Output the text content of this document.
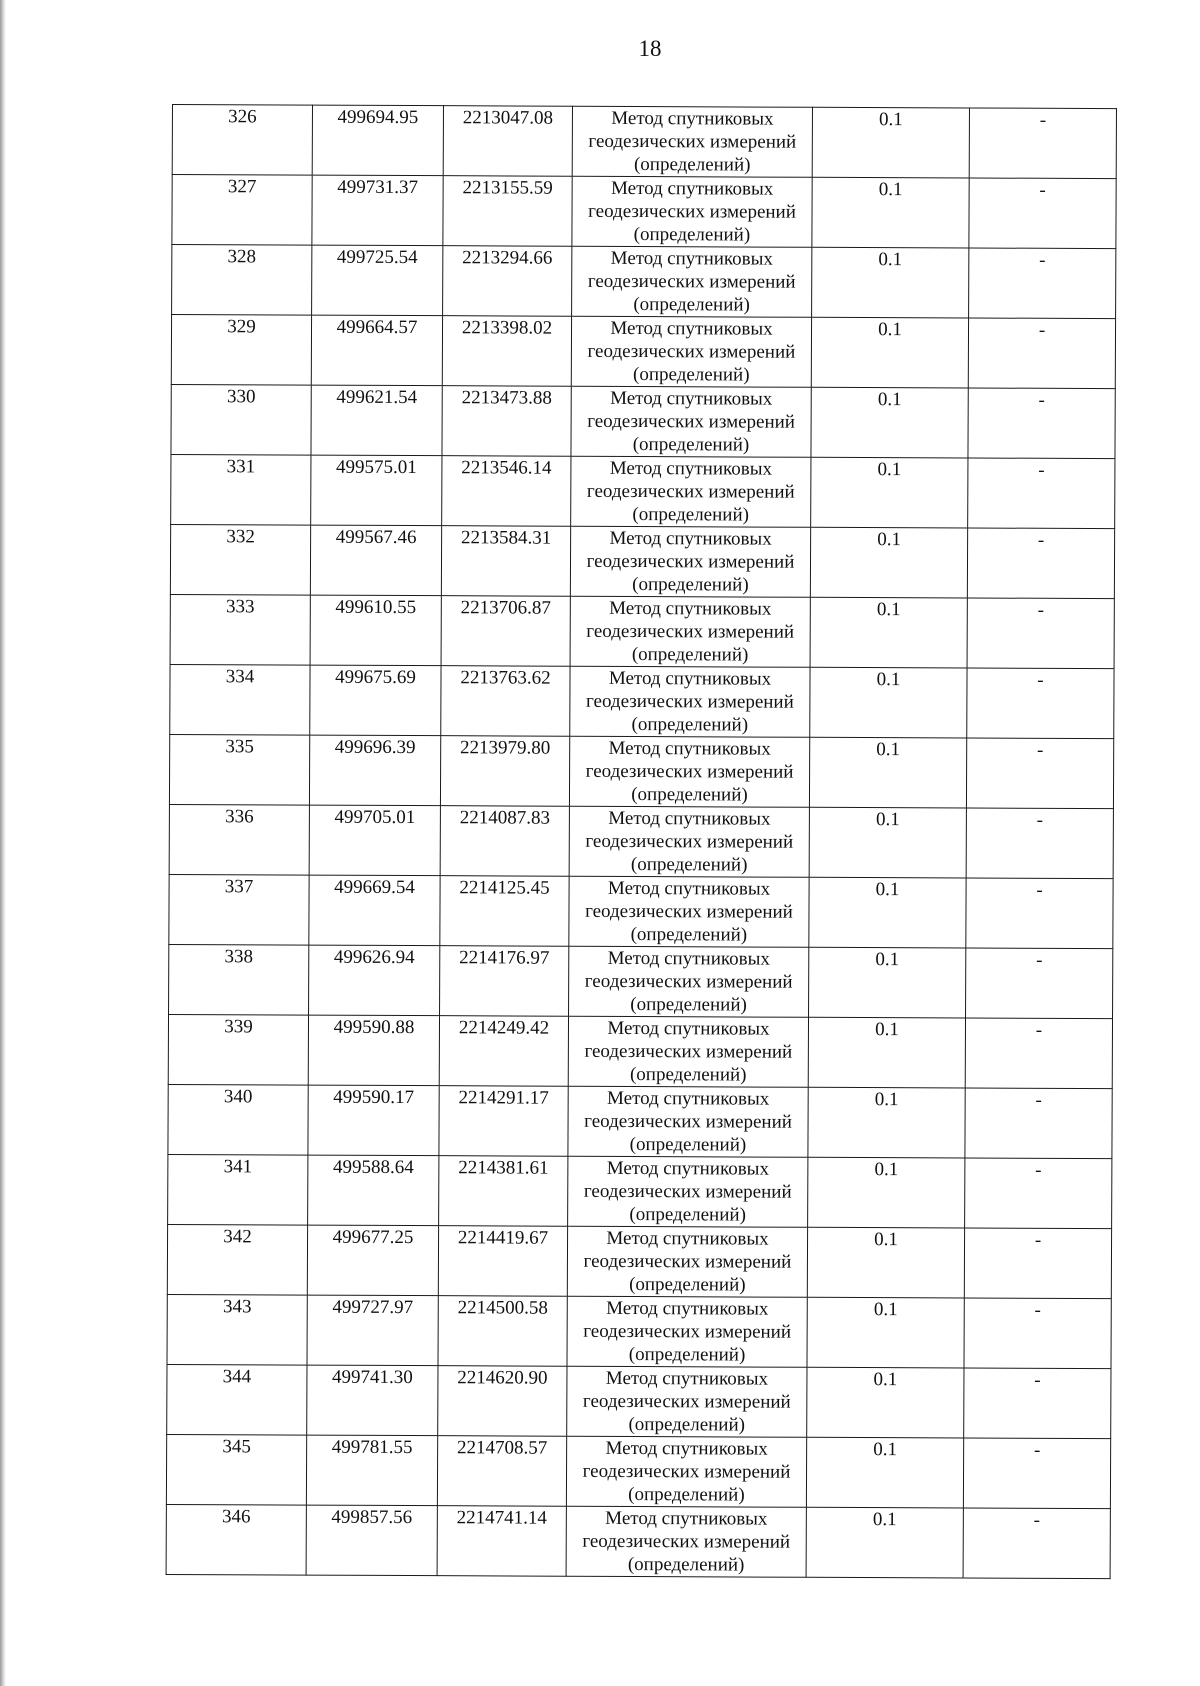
18
326	499694.95	2213047.08	Метод спутниковых
геодезических измерений
(определений)	0.1	-
327	499731.37	2213155.59	Метод спутниковых
геодезических измерений
(определений)	0.1	-
328	499725.54	2213294.66	Метод спутниковых
геодезических измерений
(определений)	0.1	-
329	499664.57	2213398.02	Метод спутниковых
геодезических измерений
(определений)	0.1	-
330	499621.54	2213473.88	Метод спутниковых
геодезических измерений
(определений)	0.1	-
331	499575.01	2213546.14	Метод спутниковых
геодезических измерений
(определений)	0.1	-
332	499567.46	2213584.31	Метод спутниковых
геодезических измерений
(определений)	0.1	-
333	499610.55	2213706.87	Метод спутниковых
геодезических измерений
(определений)	0.1	-
334	499675.69	2213763.62	Метод спутниковых
геодезических измерений
(определений)	0.1	-
335	499696.39	2213979.80	Метод спутниковых
геодезических измерений
(определений)	0.1	-
336	499705.01	2214087.83	Метод спутниковых
геодезических измерений
(определений)	0.1	-
337	499669.54	2214125.45	Метод спутниковых
геодезических измерений
(определений)	0.1	-
338	499626.94	2214176.97	Метод спутниковых
геодезических измерений
(определений)	0.1	-
339	499590.88	2214249.42	Метод спутниковых
геодезических измерений
(определений)	0.1	-
340	499590.17	2214291.17	Метод спутниковых
геодезических измерений
(определений)	0.1	-
341	499588.64	2214381.61	Метод спутниковых
геодезических измерений
(определений)	0.1	-
342	499677.25	2214419.67	Метод спутниковых
геодезических измерений
(определений)	0.1	-
343	499727.97	2214500.58	Метод спутниковых
геодезических измерений
(определений)	0.1	-
344	499741.30	2214620.90	Метод спутниковых
геодезических измерений
(определений)	0.1	-
345	499781.55	2214708.57	Метод спутниковых
геодезических измерений
(определений)	0.1	-
346	499857.56	2214741.14	Метод спутниковых
геодезических измерений
(определений)	0.1	-
